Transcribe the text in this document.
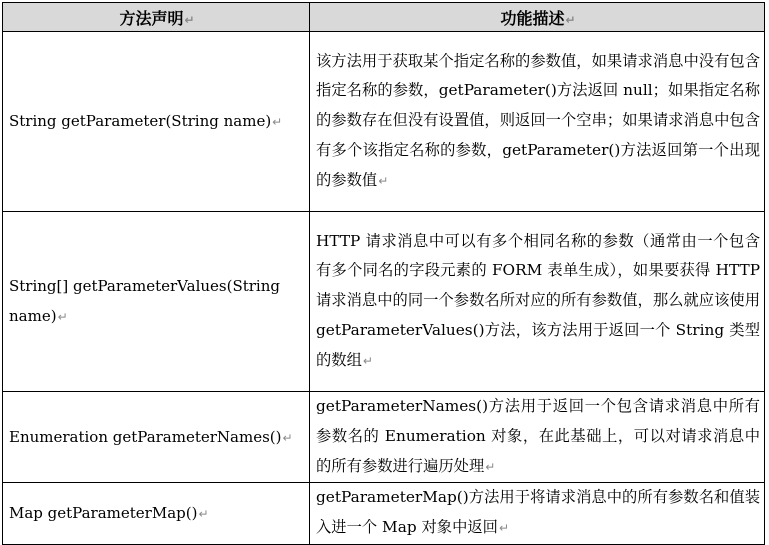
方法声明↵	功能描述↵
String getParameter(String name)↵	该方法用于获取某个指定名称的参数值，如果请求消息中没有包含指定名称的参数，getParameter()方法返回 null；如果指定名称的参数存在但没有设置值，则返回一个空串；如果请求消息中包含有多个该指定名称的参数，getParameter()方法返回第一个出现的参数值↵
String[] getParameterValues(String name)↵	HTTP 请求消息中可以有多个相同名称的参数（通常由一个包含有多个同名的字段元素的 FORM 表单生成），如果要获得 HTTP 请求消息中的同一个参数名所对应的所有参数值，那么就应该使用 getParameterValues()方法，该方法用于返回一个 String 类型的数组↵
Enumeration getParameterNames()↵	getParameterNames()方法用于返回一个包含请求消息中所有参数名的 Enumeration 对象，在此基础上，可以对请求消息中的所有参数进行遍历处理↵
Map getParameterMap()↵	getParameterMap()方法用于将请求消息中的所有参数名和值装入进一个 Map 对象中返回↵
